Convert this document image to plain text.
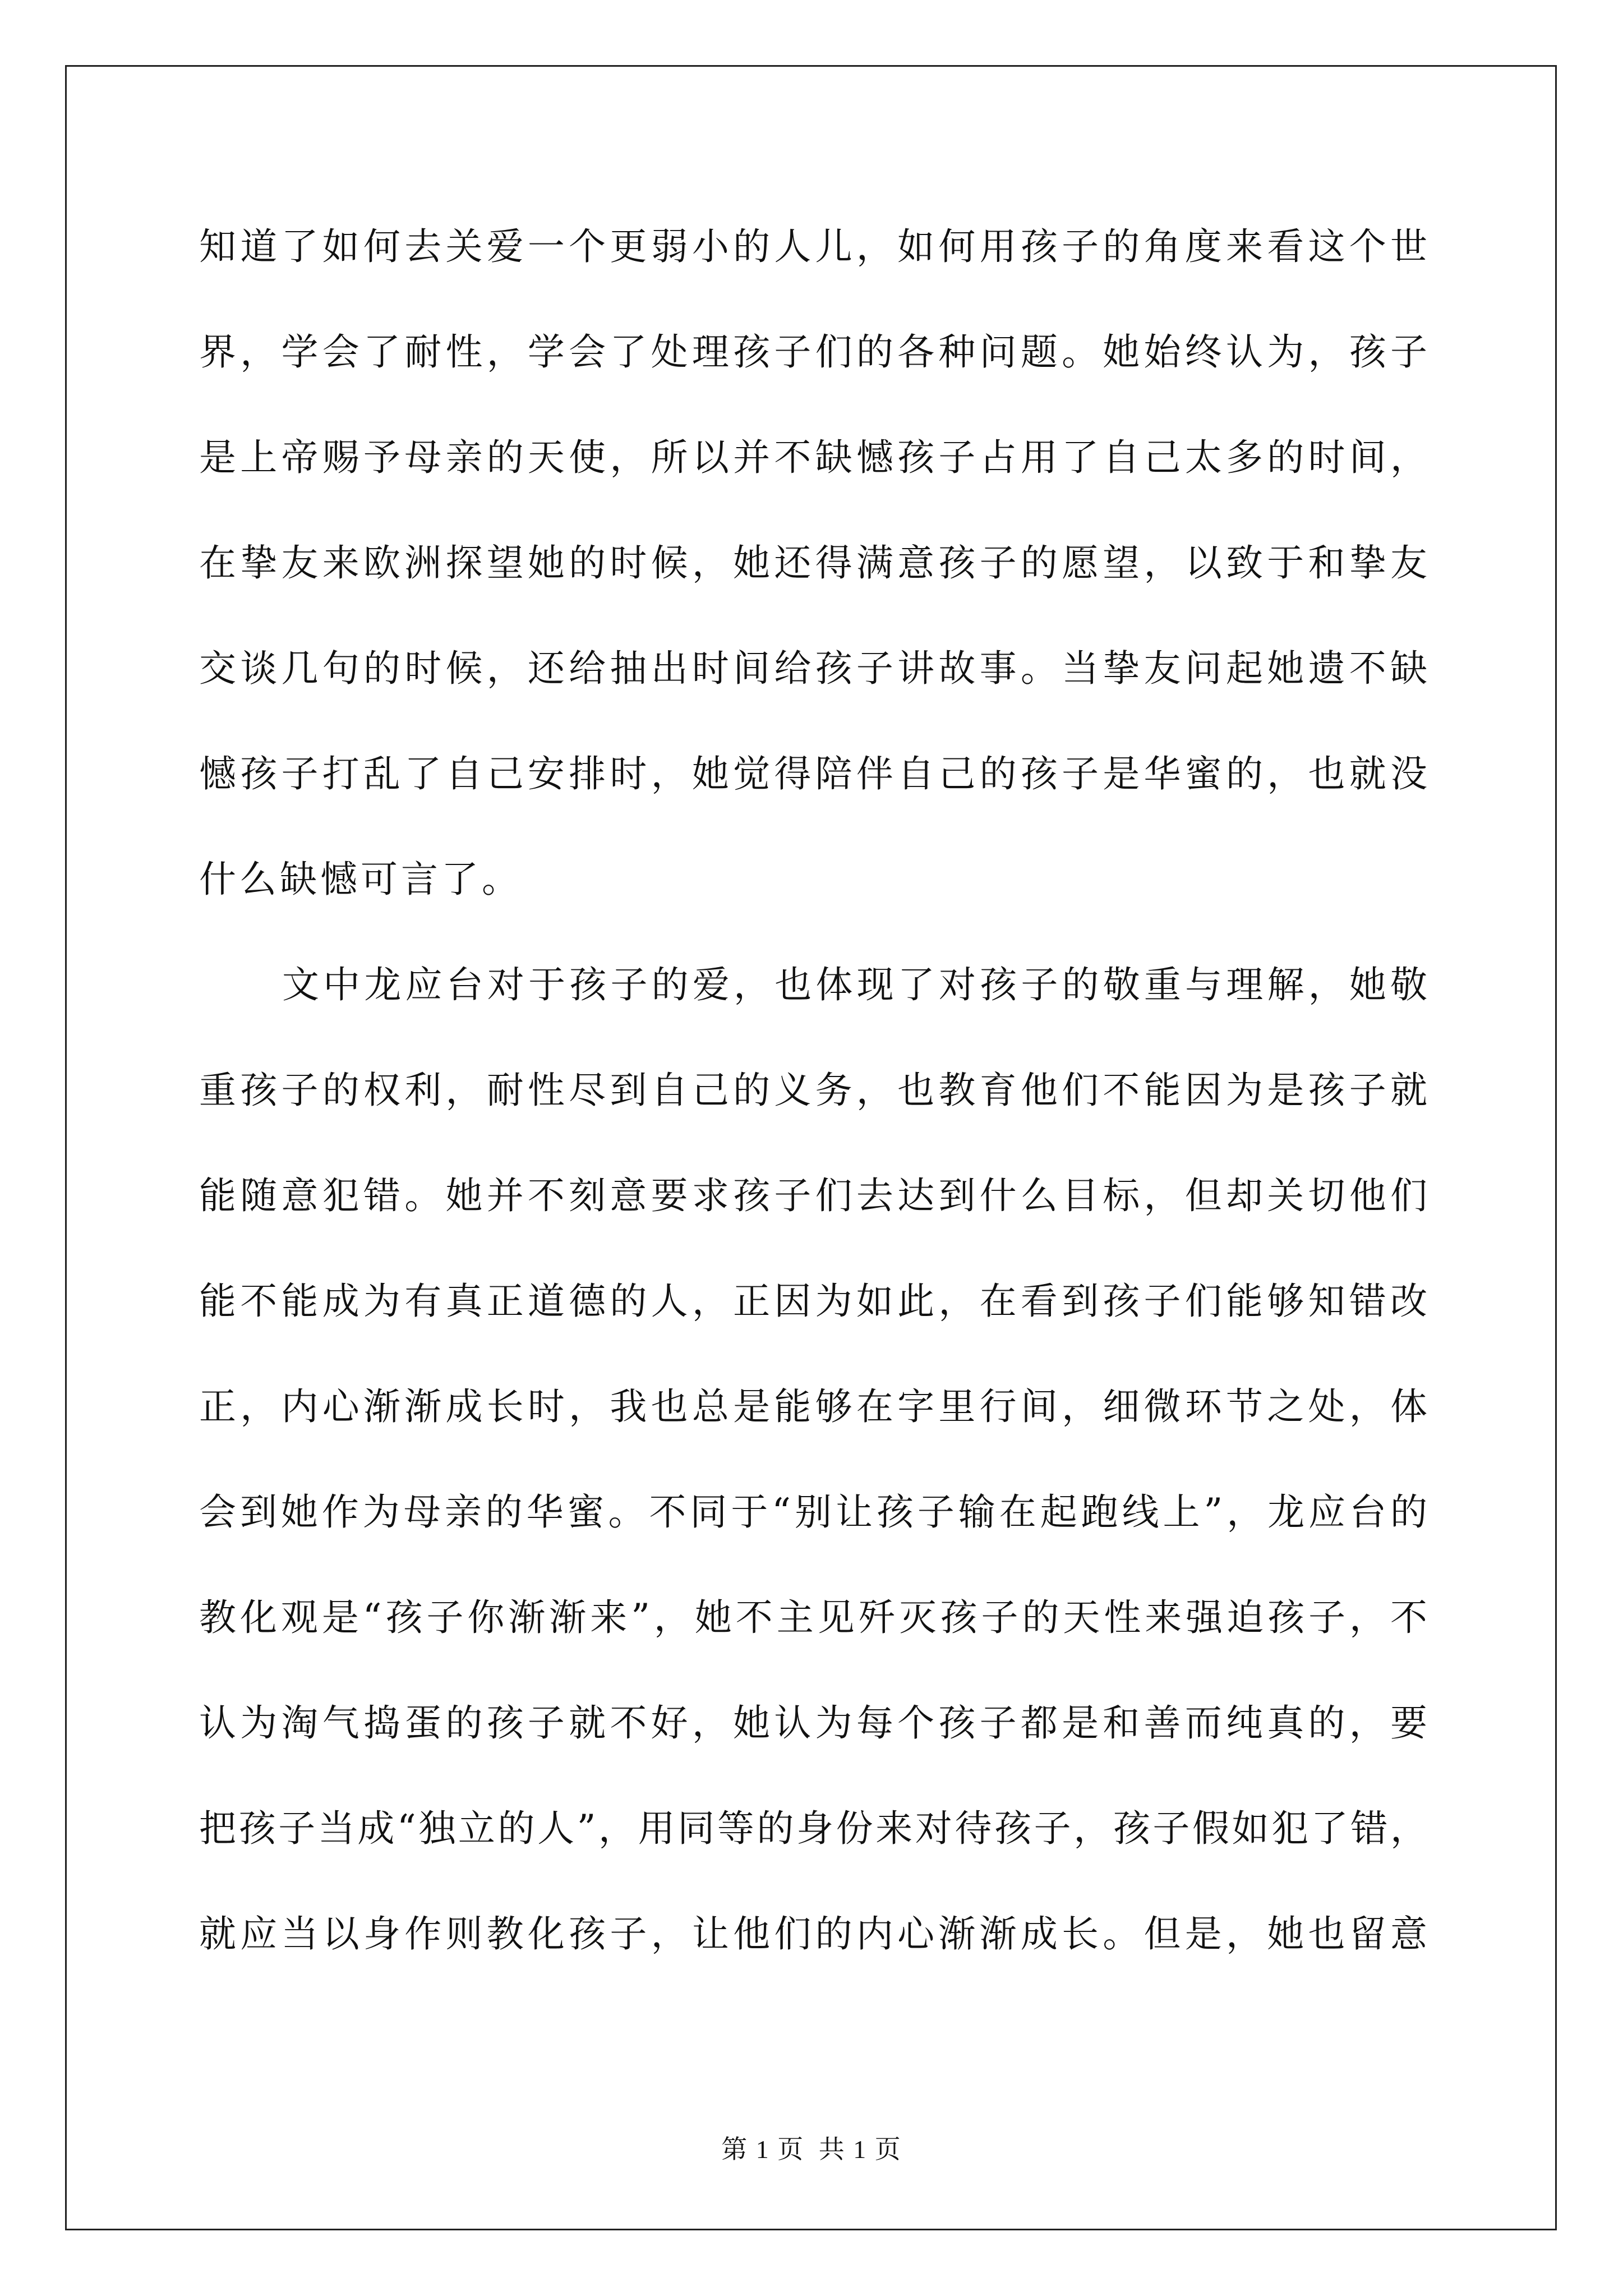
知道了如何去关爱一个更弱小的人儿，如何用孩子的角度来看这个世
界，学会了耐性，学会了处理孩子们的各种问题。她始终认为，孩子
是上帝赐予母亲的天使，所以并不缺憾孩子占用了自己太多的时间，
在挚友来欧洲探望她的时候，她还得满意孩子的愿望，以致于和挚友
交谈几句的时候，还给抽出时间给孩子讲故事。当挚友问起她遗不缺
憾孩子打乱了自己安排时，她觉得陪伴自己的孩子是华蜜的，也就没
什么缺憾可言了。
文中龙应台对于孩子的爱，也体现了对孩子的敬重与理解，她敬
重孩子的权利，耐性尽到自己的义务，也教育他们不能因为是孩子就
能随意犯错。她并不刻意要求孩子们去达到什么目标，但却关切他们
能不能成为有真正道德的人，正因为如此，在看到孩子们能够知错改
正，内心渐渐成长时，我也总是能够在字里行间，细微环节之处，体
会到她作为母亲的华蜜。不同于“别让孩子输在起跑线上”，龙应台的
教化观是“孩子你渐渐来”，她不主见歼灭孩子的天性来强迫孩子，不
认为淘气捣蛋的孩子就不好，她认为每个孩子都是和善而纯真的，要
把孩子当成“独立的人”，用同等的身份来对待孩子，孩子假如犯了错，
就应当以身作则教化孩子，让他们的内心渐渐成长。但是，她也留意
第 1 页 共 1 页
